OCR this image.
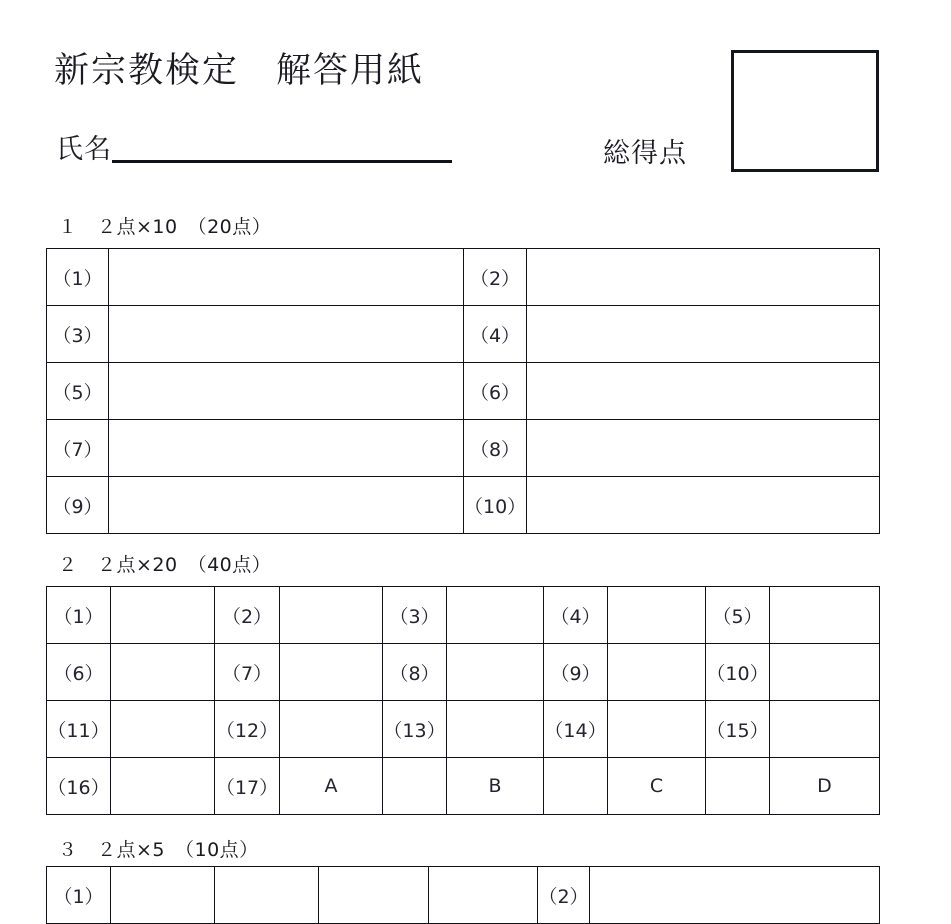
新宗教検定　解答用紙
氏名	総得点
１　２点×10　（20点）
（1）		（2）	
（3）		（4）	
（5）		（6）	
（7）		（8）	
（9）		（10）	
２　２点×20　（40点）
（1）		（2）		（3）		（4）		（5）		
（6）		（7）		（8）		（9）		（10）		
（11）		（12）		（13）		（14）		（15）		
（16）		（17）	A		B		C		D	
３　２点×5　（10点）
（1）					（2）	
